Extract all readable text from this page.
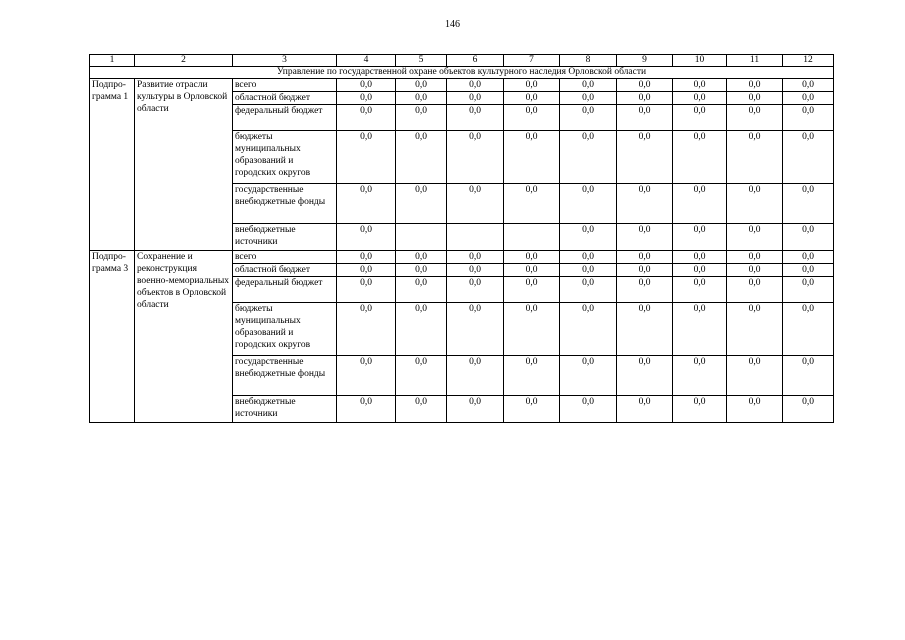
146
1	2	3	4	5	6	7	8	9	10	11	12
Управление по государственной охране объектов культурного наследия Орловской области											
Подпро-грамма 1	Развитие отрасли культуры в Орловской области	всего	0,0	0,0	0,0	0,0	0,0	0,0	0,0	0,0	0,0
		областной бюджет	0,0	0,0	0,0	0,0	0,0	0,0	0,0	0,0	0,0
		федеральный бюджет	0,0	0,0	0,0	0,0	0,0	0,0	0,0	0,0	0,0
		бюджеты муниципальных образований и городских округов	0,0	0,0	0,0	0,0	0,0	0,0	0,0	0,0	0,0
		государственные внебюджетные фонды	0,0	0,0	0,0	0,0	0,0	0,0	0,0	0,0	0,0
		внебюджетные источники	0,0				0,0	0,0	0,0	0,0	0,0
Подпро-грамма 3	Сохранение и реконструкция военно-мемориальных объектов в Орловской области	всего	0,0	0,0	0,0	0,0	0,0	0,0	0,0	0,0	0,0
		областной бюджет	0,0	0,0	0,0	0,0	0,0	0,0	0,0	0,0	0,0
		федеральный бюджет	0,0	0,0	0,0	0,0	0,0	0,0	0,0	0,0	0,0
		бюджеты муниципальных образований и городских округов	0,0	0,0	0,0	0,0	0,0	0,0	0,0	0,0	0,0
		государственные внебюджетные фонды	0,0	0,0	0,0	0,0	0,0	0,0	0,0	0,0	0,0
		внебюджетные источники	0,0	0,0	0,0	0,0	0,0	0,0	0,0	0,0	0,0
